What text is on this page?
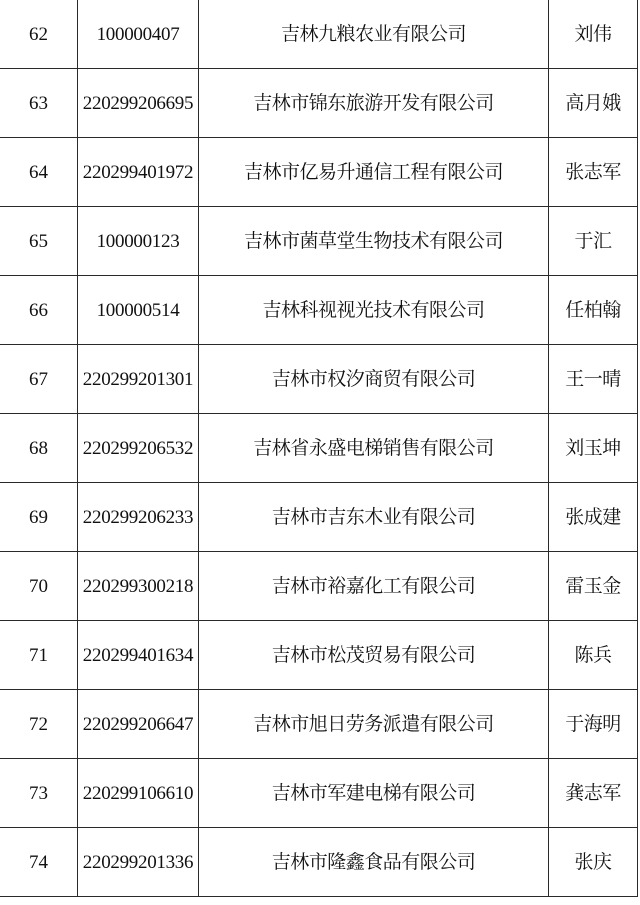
62	100000407	吉林九粮农业有限公司	刘伟
63	220299206695	吉林市锦东旅游开发有限公司	高月娥
64	220299401972	吉林市亿易升通信工程有限公司	张志军
65	100000123	吉林市菌草堂生物技术有限公司	于汇
66	100000514	吉林科视视光技术有限公司	任柏翰
67	220299201301	吉林市权汐商贸有限公司	王一晴
68	220299206532	吉林省永盛电梯销售有限公司	刘玉坤
69	220299206233	吉林市吉东木业有限公司	张成建
70	220299300218	吉林市裕嘉化工有限公司	雷玉金
71	220299401634	吉林市松茂贸易有限公司	陈兵
72	220299206647	吉林市旭日劳务派遣有限公司	于海明
73	220299106610	吉林市军建电梯有限公司	龚志军
74	220299201336	吉林市隆鑫食品有限公司	张庆
